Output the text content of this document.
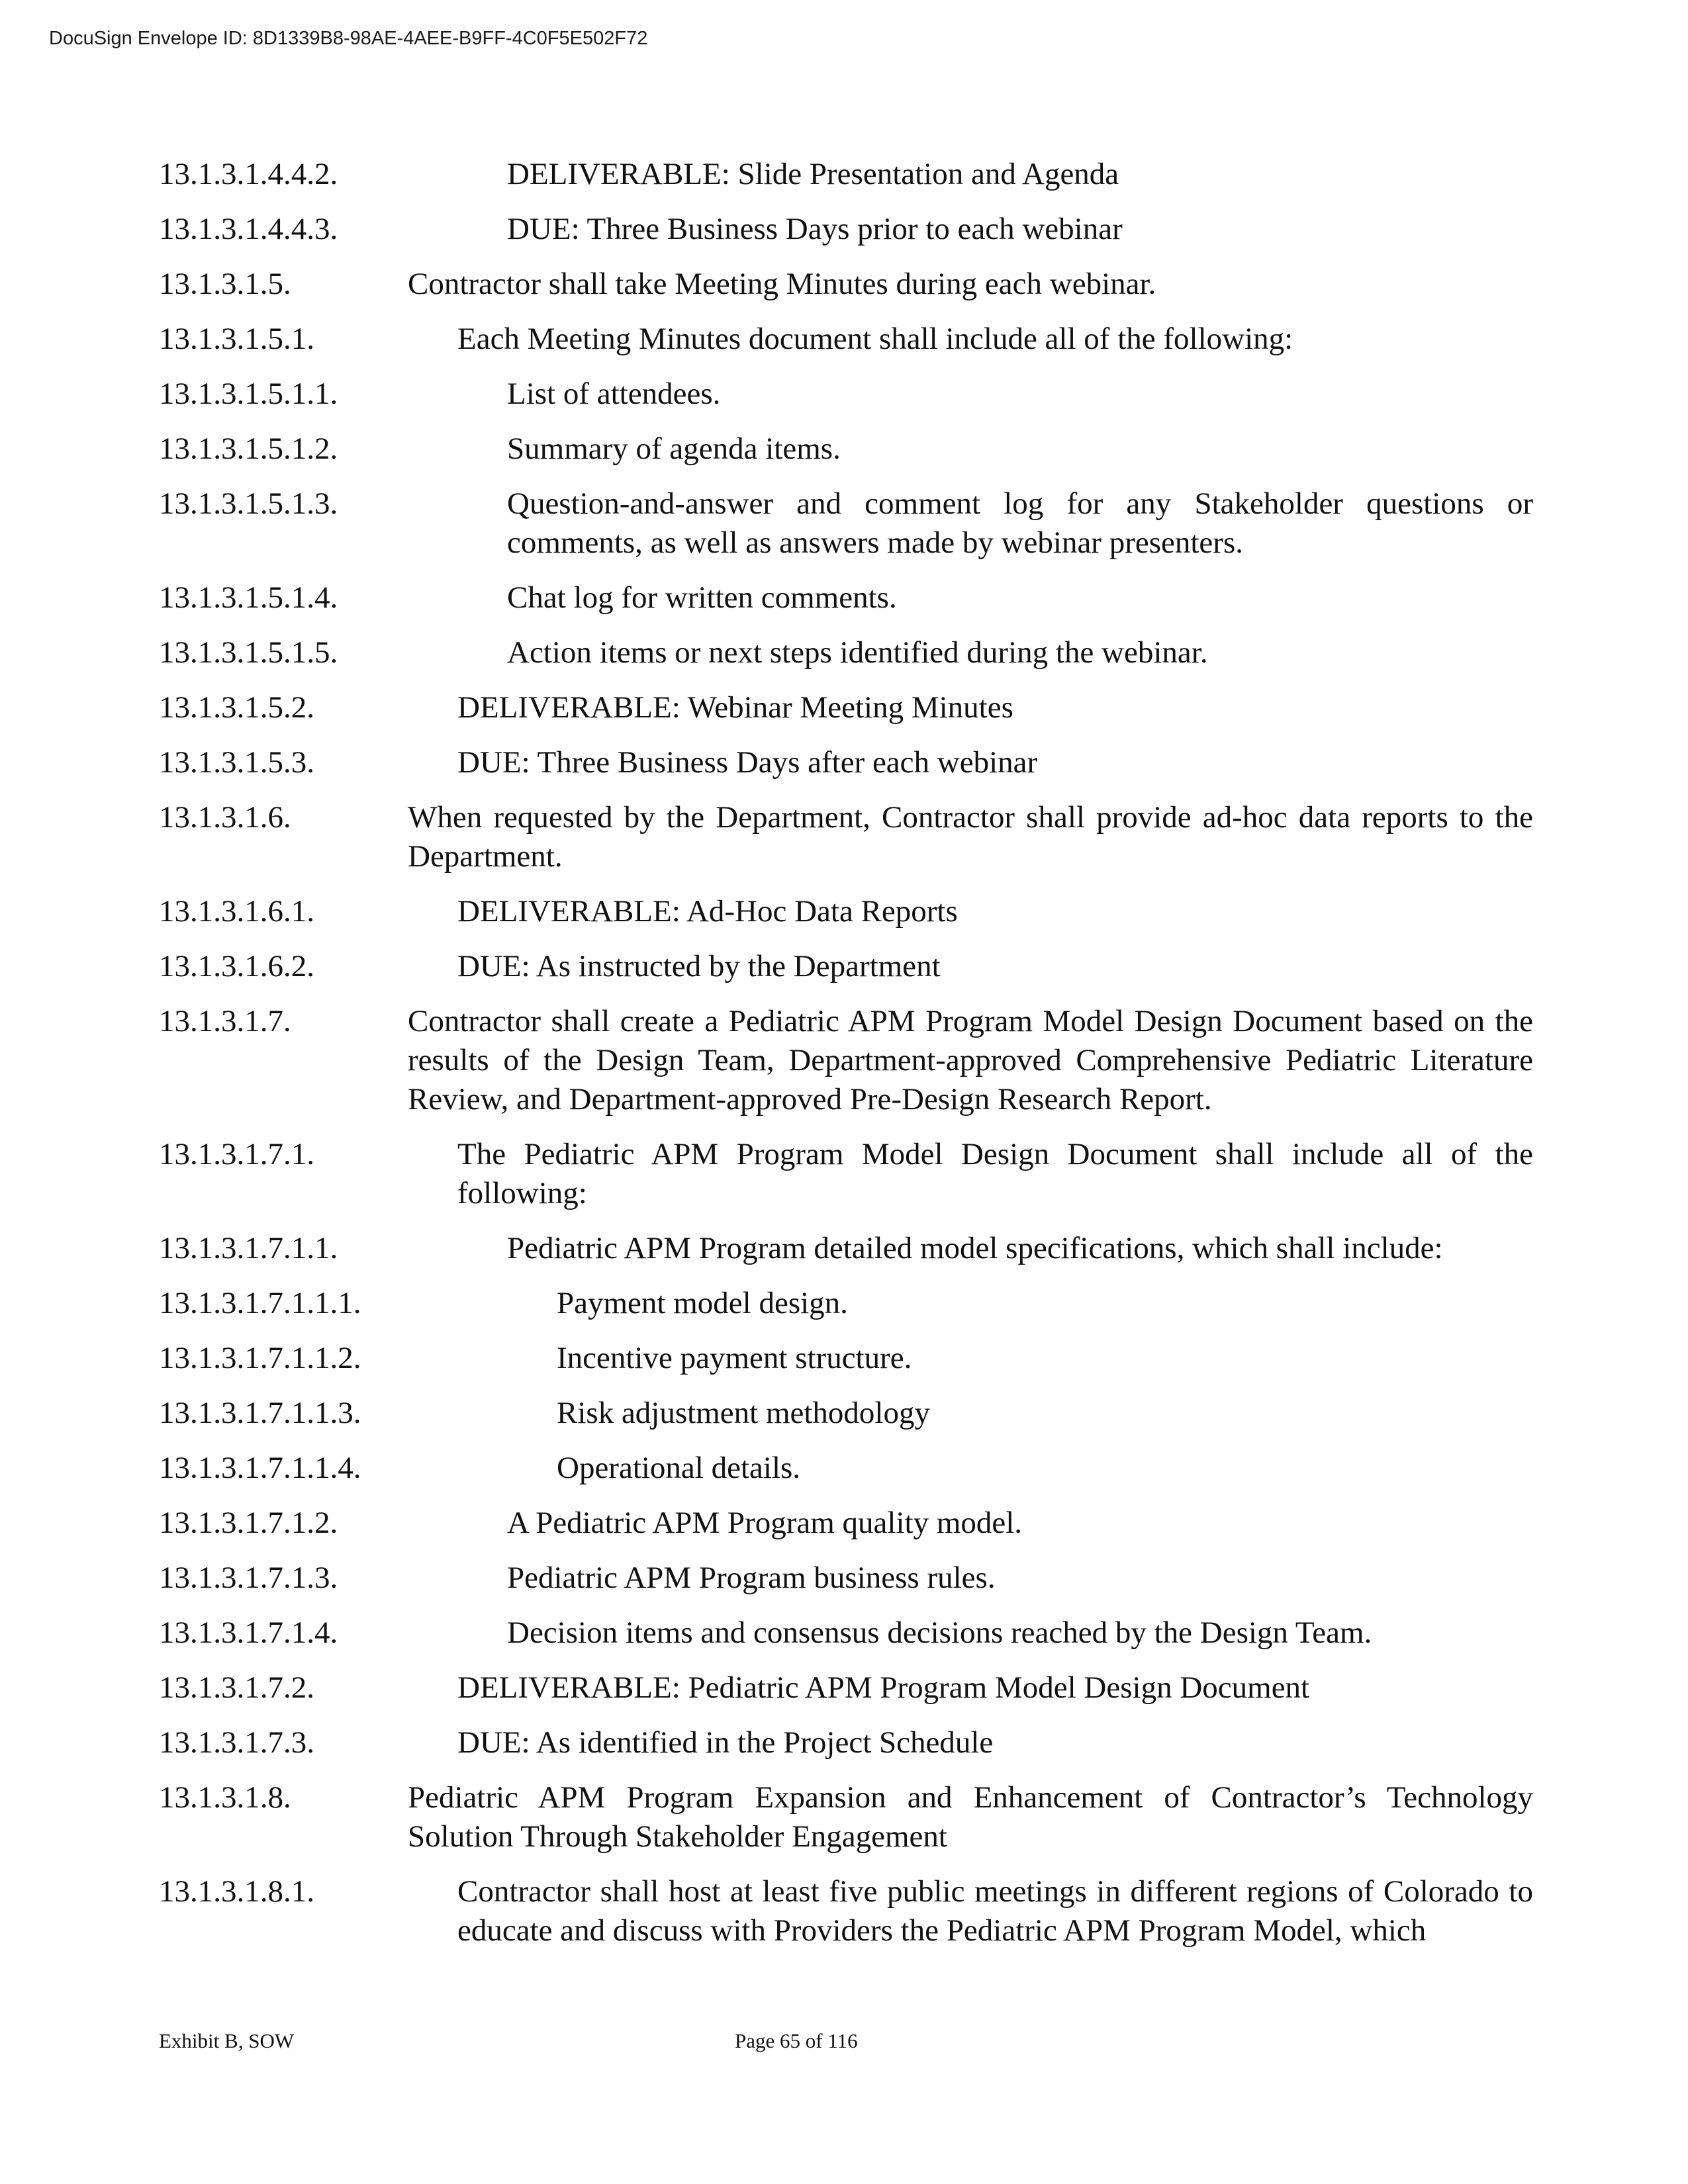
DocuSign Envelope ID: 8D1339B8-98AE-4AEE-B9FF-4C0F5E502F72
13.1.3.1.4.4.2.	DELIVERABLE: Slide Presentation and Agenda
13.1.3.1.4.4.3.	DUE: Three Business Days prior to each webinar
13.1.3.1.5.	Contractor shall take Meeting Minutes during each webinar.
13.1.3.1.5.1.	Each Meeting Minutes document shall include all of the following:
13.1.3.1.5.1.1.	List of attendees.
13.1.3.1.5.1.2.	Summary of agenda items.
13.1.3.1.5.1.3.	Question-and-answer and comment log for any Stakeholder questions or comments, as well as answers made by webinar presenters.
13.1.3.1.5.1.4.	Chat log for written comments.
13.1.3.1.5.1.5.	Action items or next steps identified during the webinar.
13.1.3.1.5.2.	DELIVERABLE: Webinar Meeting Minutes
13.1.3.1.5.3.	DUE: Three Business Days after each webinar
13.1.3.1.6.	When requested by the Department, Contractor shall provide ad-hoc data reports to the Department.
13.1.3.1.6.1.	DELIVERABLE: Ad-Hoc Data Reports
13.1.3.1.6.2.	DUE: As instructed by the Department
13.1.3.1.7.	Contractor shall create a Pediatric APM Program Model Design Document based on the results of the Design Team, Department-approved Comprehensive Pediatric Literature Review, and Department-approved Pre-Design Research Report.
13.1.3.1.7.1.	The Pediatric APM Program Model Design Document shall include all of the following:
13.1.3.1.7.1.1.	Pediatric APM Program detailed model specifications, which shall include:
13.1.3.1.7.1.1.1.	Payment model design.
13.1.3.1.7.1.1.2.	Incentive payment structure.
13.1.3.1.7.1.1.3.	Risk adjustment methodology
13.1.3.1.7.1.1.4.	Operational details.
13.1.3.1.7.1.2.	A Pediatric APM Program quality model.
13.1.3.1.7.1.3.	Pediatric APM Program business rules.
13.1.3.1.7.1.4.	Decision items and consensus decisions reached by the Design Team.
13.1.3.1.7.2.	DELIVERABLE: Pediatric APM Program Model Design Document
13.1.3.1.7.3.	DUE: As identified in the Project Schedule
13.1.3.1.8.	Pediatric APM Program Expansion and Enhancement of Contractor’s Technology Solution Through Stakeholder Engagement
13.1.3.1.8.1.	Contractor shall host at least five public meetings in different regions of Colorado to educate and discuss with Providers the Pediatric APM Program Model, which
Exhibit B, SOW	Page 65 of 116
